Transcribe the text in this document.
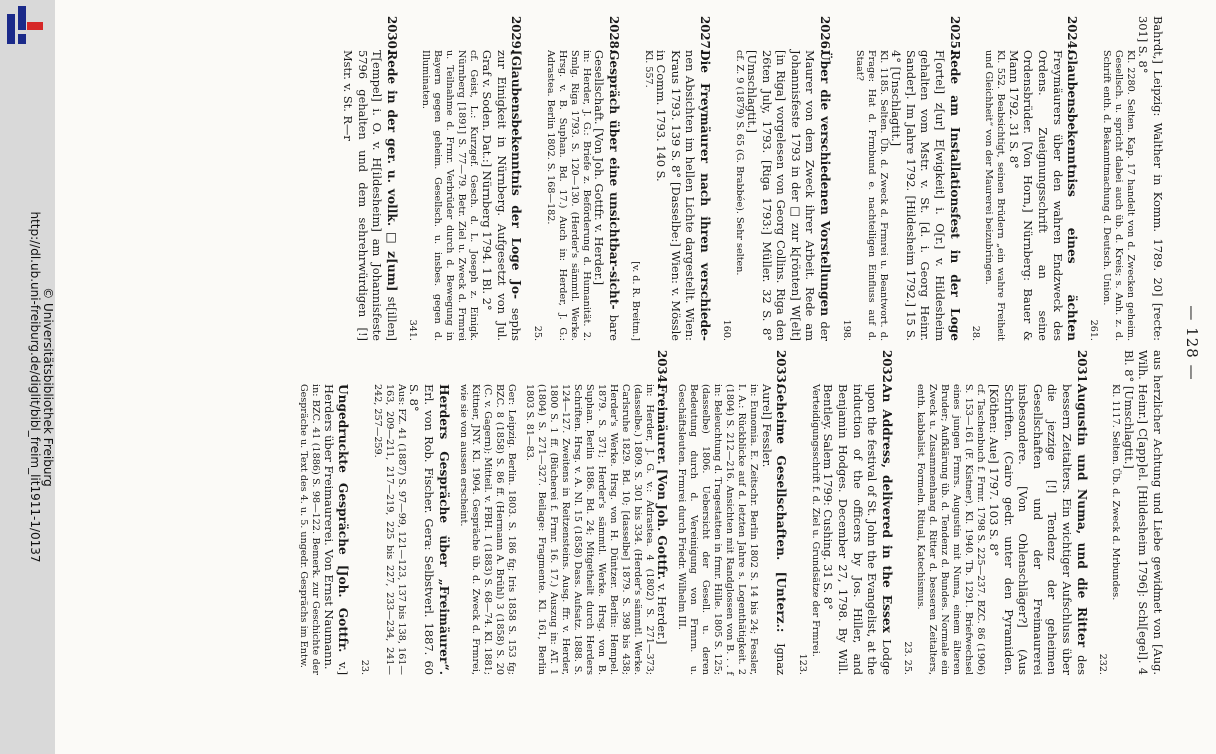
http://dl.ub.uni-freiburg.de/diglit/bibl_freim_lit1911-1/0137 © Universitätsbibliothek Freiburg	— 128 —
Bahrdt,] Leipzig: Walther in Komm. 1789. 20] [recte: 301] S. 8°
Kl. 2280. Selten. Kap. 17 handelt von d. Zwecken geheim. Gesellsch. u. spricht dabei auch üb. d. Kreis; s. Anh. z. d. Schrift enth. d. Bekanntmachung d. Deutsch. Union.
261.
2024.
Glaubensbekenntniss eines ächten Freymäurers über den wahren Endzweck des Ordens. Zueignungsschrift an seine Ordensbrüder. [Von Horn,] Nürnberg: Bauer & Mann 1792. 31 S. 8°
Kl. 552. Beabsichtigt, seinen Brüdern „ein wahre Freiheit und Gleichheit“ von der Maurerei beizubringen.
28.
2025.
Rede am Installationsfest in der Loge F[ortel] z[ur] E[wigkeit] i. O[r.] v. Hildesheim gehalten vom Mstr. v. St. [d. i. Georg Heinr. Sander]. Im Jahre 1792. [Hildesheim 1792.] 15 S. 4° [Unschlagtit.]
Kl. 1185. Selten. Üb. d. Zweck d. Frmrei u. Beantwort. d. Frage: Hat d. Frmbund e. nachteiligen Einfluss auf d. Staat?
198.
2026.
Über die verschiedenen Vorstellungen der Maurer von dem Zweck ihrer Arbeit. Rede am Johannisfeste 1793 in der □ zur k[rönten] W[elt] [in Riga] vorgelesen von Georg Collins. Riga den 26ten July, 1793. [Riga 1793:] Müller. 32 S. 8° [Umschlagtit.]
cf. Z. 9 (1879) S. 65 (G. Brabbée). Sehr selten.
160.
2027.
Die Freymäurer nach ihren verschiede- nen Absichten im hellen Lichte dargestellt. Wien: Kraus 1793. 139 S. 8° [Dasselbe:] Wien: v. Mössle in Comm. 1793. 140 S.
Kl. 557.
[v. d. R. Breitm.]
2028.
Gespräch über eine unsichtbar-sicht- bare Gesellschaft. [Von Joh. Gottfr. v. Herder.]
in: Herder, J. G.: Briefe z. Beförderung d. Humanität. 2. Smlg. Riga 1793. S. 120—130. (Herder's sämmtl. Werke. Hrsg. v. B. Suphan. Bd. 17.) Auch in: Herder, J. G.: Adrastea. Berlin 1802. S. 168—182.
25.
2029.
[Glaubensbekenntnis der Loge Jo- sephs zur Einigkeit in Nürnberg. Aufgesetzt von Jul. Graf v. Soden. Dat.:] Nürnberg 1794. 1 Bl. 2°
cf. Geist, L.: Kurzgef. Gesch. d. L. Joseph z. Einigk. Nürnberg [1891] S. 77—79. Betr. Ziel u. Zweck d. Frmrei u. Teilnahme d. Frmr. Verbrüder durch d. Bewegung in Bayern gegen geheim. Gesellsch. u. insbes. gegen d. Illuminaten.
341.
2030.
Rede in der ger. u. vollk. □ z[um] st[illen] T[empel] i. O. v. H[ildesheim] am Johannisfeste 5796 gehalten und dem sehrehrwürdigen [!] Mstr. v. St. R—r
aus herzlicher Achtung und Liebe gewidmet von [Aug. Wilh. Heinr.] C[app]el. [Hildesheim 1796]: Schl[egel]. 4 Bl. 8° [Umschlagtit.]
Kl. 1117. Selten. Üb. d. Zweck d. Mrbundes.
232.
2031.
Augustin und Numa, und die Ritter des bessern Zeitalters. Ein wichtiger Aufschluss über die jezzige [!] Tendenz der geheimen Gesellschaften und der Freimaurerei insbesondere. [Von Ohlenschläger?] (Aus Schriften. (Cairo gedr. unter den Pyramiden. [Köthen: Aue] 1797. 103 S. 8°
cf. Taschenbuch f. Frmr. 1798 S. 225—237. BZC. 86 (1906) S. 153—161 (F. Kistner). Kl. 1940. Tb. 1291. Briefwechsel eines jungen Frmrs. Augustin mit Numa, einem älteren Bruder; Aufklärung üb. d. Tendenz d. Bundes. Normale ein Zweck u. Zusammenhang d. Ritter d. besseren Zeitalters, enth. kabbalist. Formeln. Ritual, Katechismus.
23. 25.
2032.
An Address, delivered in the Essex Lodge upon the festival of St. John the Evangelist, at the induction of the officers by Jos. Hiller, and Benjamin Hodges. December 27, 1798. By Will. Bentley. Salem 1799: Cushing. 31 S. 8°
Verteidigungsschrift f. d. Ziel u. Grundsätze der Frmrei.
123.
2033.
Geheime Gesellschaften. [Unterz.: Ignaz Aurel] Fessler.
in: Eunomia. E. Zeitschr. Berlin 1802 S. 14 bis 24; Fessler, I. A.: Rückblicke auf d. letzten Jahre s. Logenthätigkeit. 2 (1804) S. 212—216. Ansichten mit Randglossen von B. . . f in: Beleuchtung d. Tragestatten in frmr. Hille. 1805 S. 125; (dasselbe) 1806. Uebersicht der Gesell. u. deren Bedeutung durch d. Vereinigung von Frmrn. u. Geschäftsleuten. Frmrei durch Friedr. Wilhelm III.
2034.
Freimäurer. [Von Joh. Gottfr. v. Herder.]
in: Herder, J. G. v.: Adrastea. 4 (1802) S. 271—373; (dasselbe.) 1809. S. 301 bis 334. (Herder's sämmtl. Werke. Carlsruhe 1829. Bd. 10; [dasselbe] 1879. S. 398 bis 438; Herder's Werke. Hrsg. von H. Düntzer. Berlin: Hempel. 1879. S. 371; Herder's sämmtl. Werke. Hrsg. von B. Suphan. Berlin 1886. Bd. 24; Mitgetheilt durch Herders Schriften. Hrsg. v. A. Nl. 15 (1858) Dass. Aufsatz. 1888. S. 124—127. Zweitens in Reitzensteins. Ausg. ffr. v. Herder, 1800 S. 1 ff. (Bücherei f. Frmr. 16. 17.) Auszug in: AT. 1 (1804) S. 271—327. Beilage: Fragmente. Kl. 161, Berlin 1803 S. 81—83.
Ger: Leipzig. Berlin. 1803. S. 186 fg; Iris 1858 S. 153 fg; BZC. 8 (1858) S. 86 ff. (Hermann A. Brühl) 3 (1858) S. 20 (C. v. Gagern); Mitteil. v. FBH. 1 (1883) S. 68—74. Kl. 1881; Kittner, JNY. Kl. 1904. Gespräche üb. d. Zweck d. Frmrei, wie sie von aussen erscheint.
Herders Gespräche über „Freimäurer“. Erl. von Rob. Fischer. Gera: Selbstverl. 1887. 60 S. 8°
Aus: FZ. 41 (1887) S. 97—99, 121—123, 137 bis 138, 161—163, 209—211, 217—219, 225 bis 227, 233—234, 241—242, 257—259.
23.
Ungedruckte Gespräche [Joh. Gottfr. v.] Herders über Freimaurerei. Von Ernst Naumann.
in: BZC. 41 (1886) S. 98—122. Bemerk. zur Geschichte der Gespräche u. Text des 4. u. 5. ungedr. Gesprächs im Entw.
